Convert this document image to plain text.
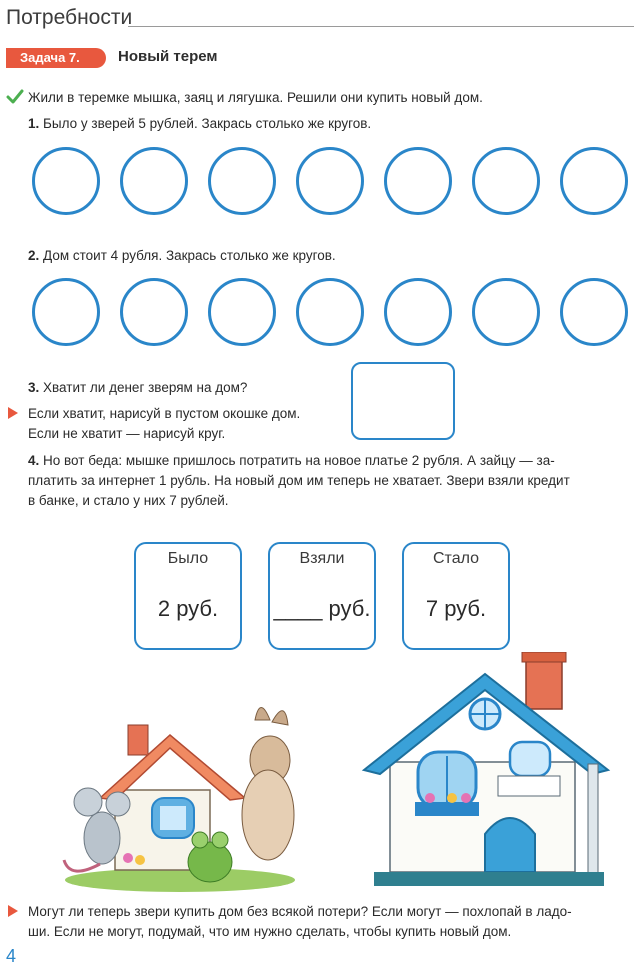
Потребности
Задача 7.	Новый терем
Жили в теремке мышка, заяц и лягушка. Решили они купить новый дом.
1. Было у зверей 5 рублей. Закрась столько же кругов.
2. Дом стоит 4 рубля. Закрась столько же кругов.
3. Хватит ли денег зверям на дом?
Если хватит, нарисуй в пустом окошке дом.
Если не хватит — нарисуй круг.
4. Но вот беда: мышке пришлось потратить на новое платье 2 рубля. А зайцу — за-
платить за интернет 1 рубль. На новый дом им теперь не хватает. Звери взяли кредит
в банке, и стало у них 7 рублей.
Было
2 руб.
Взяли
____ руб.
Стало
7 руб.
Могут ли теперь звери купить дом без всякой потери? Если могут — похлопай в ладо-
ши. Если не могут, подумай, что им нужно сделать, чтобы купить новый дом.
4
